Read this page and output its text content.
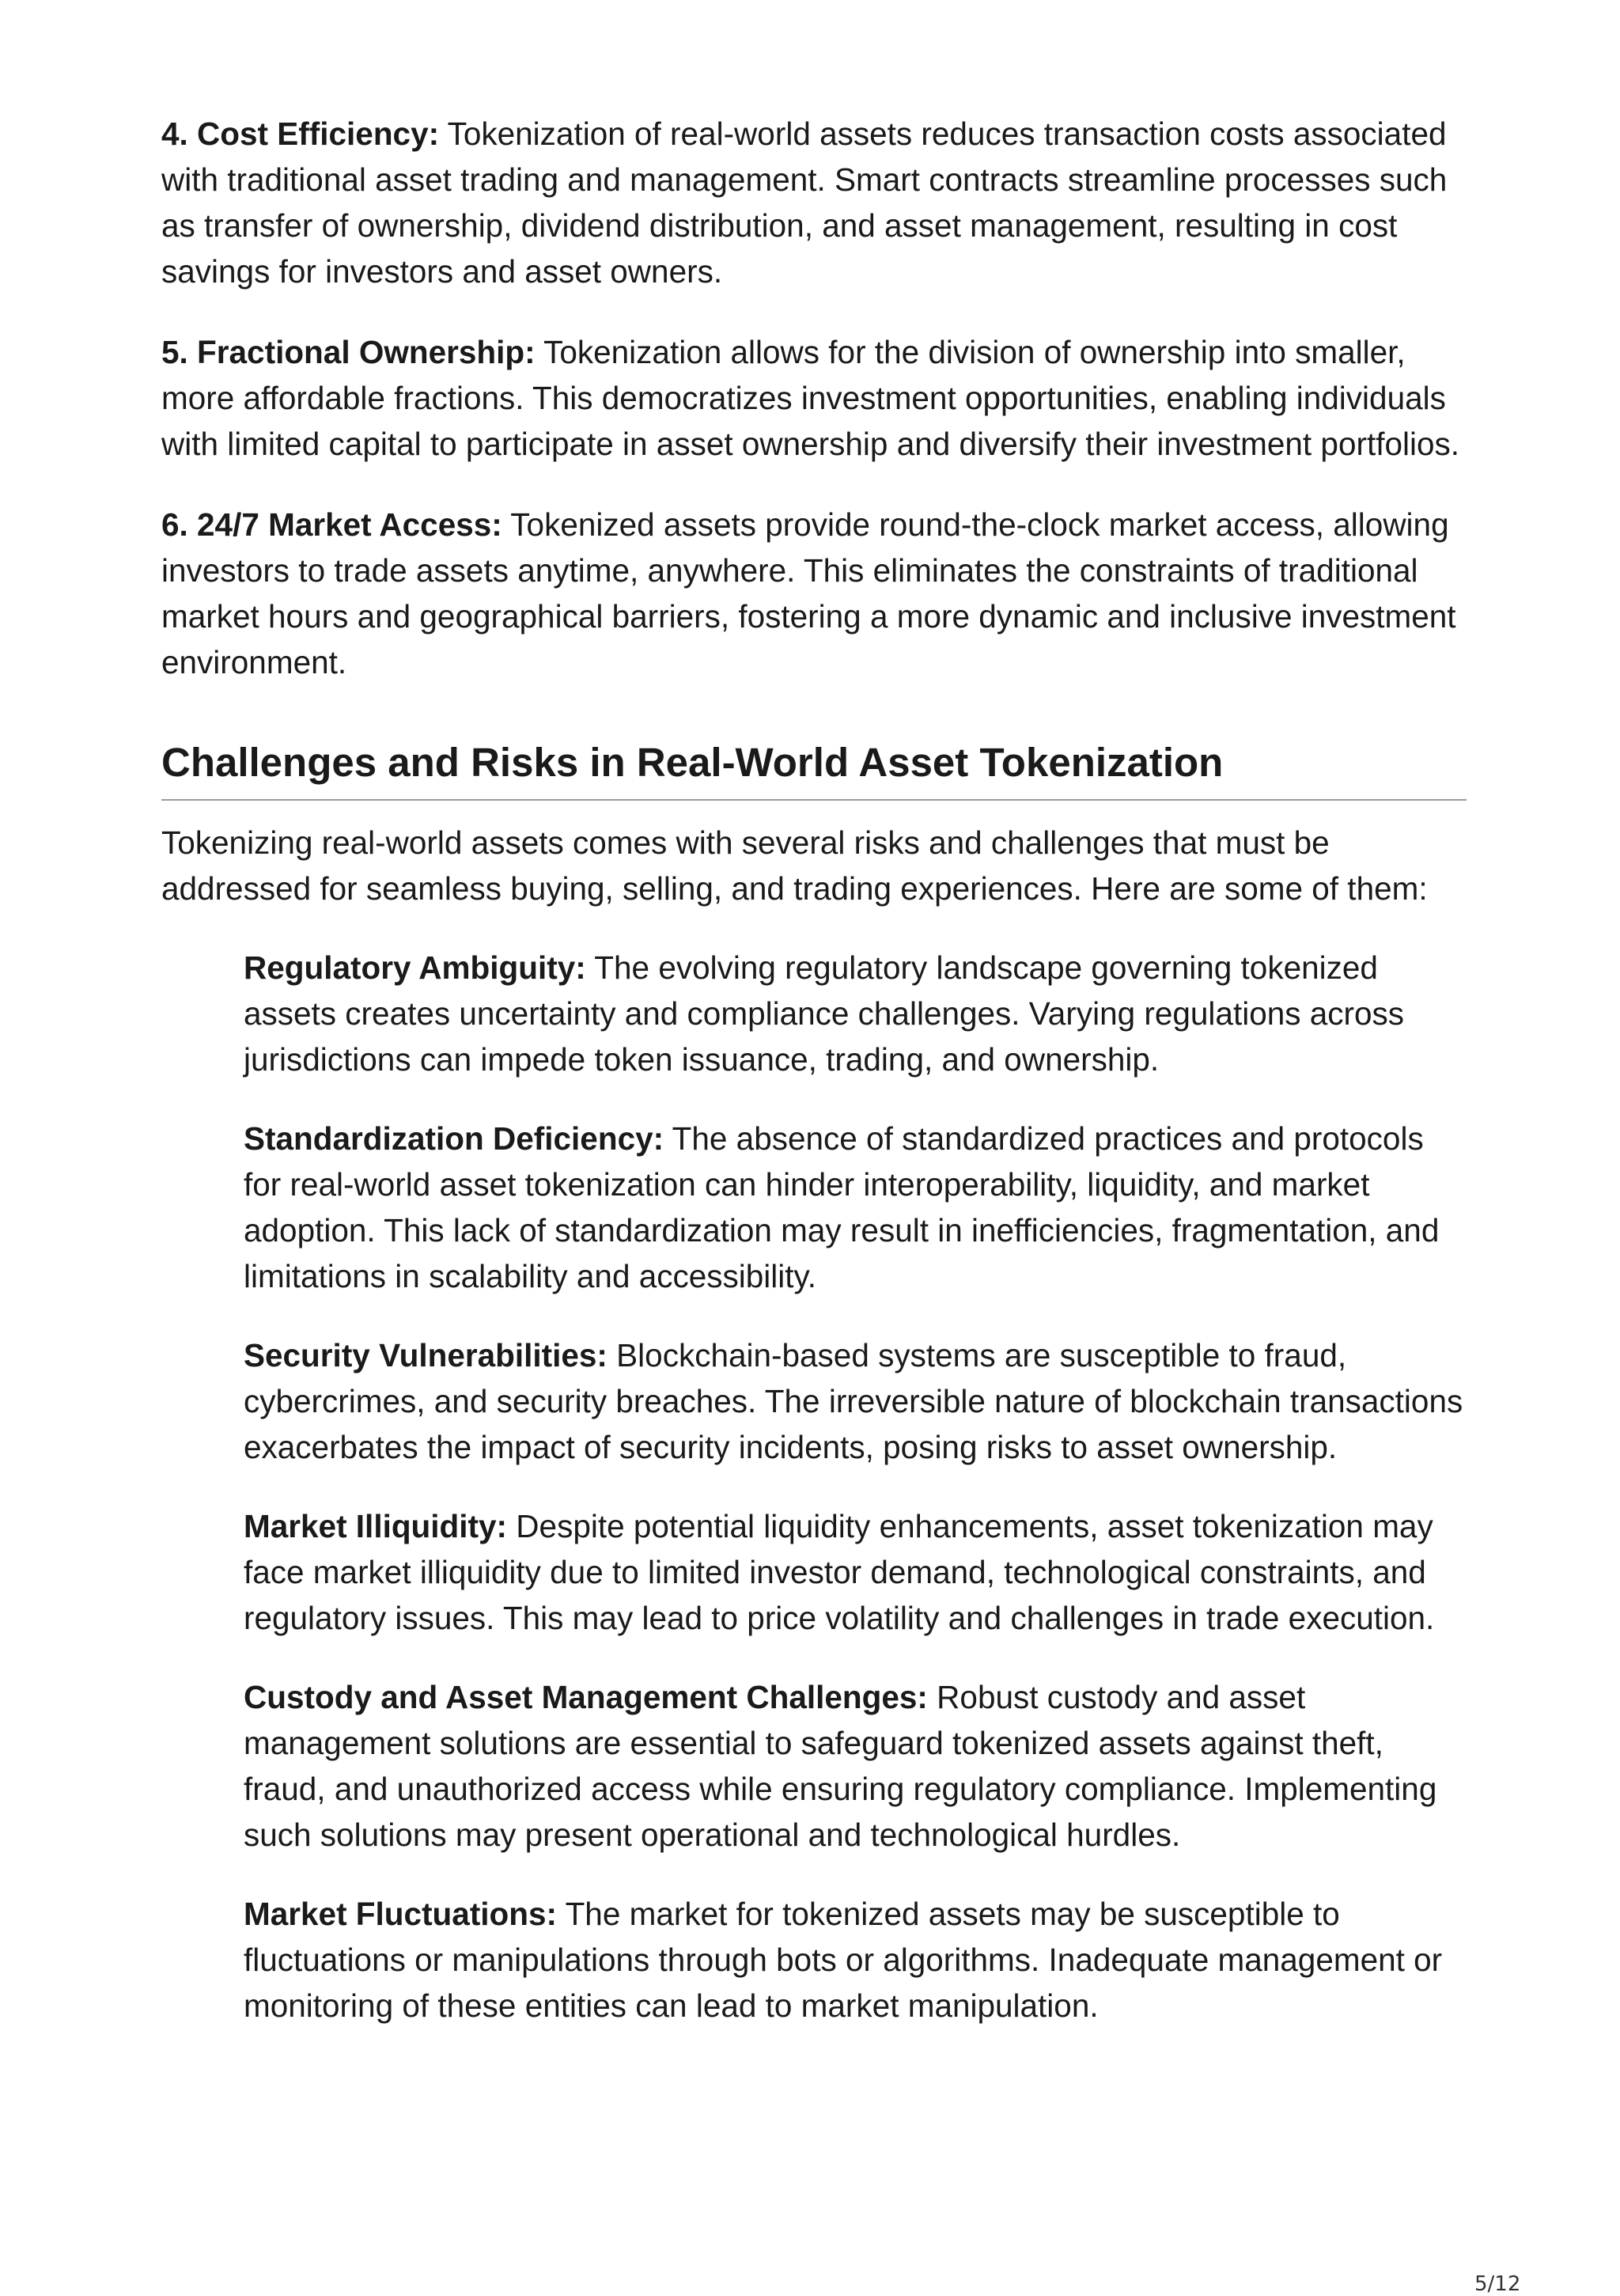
4. Cost Efficiency: Tokenization of real-world assets reduces transaction costs associated with traditional asset trading and management. Smart contracts streamline processes such as transfer of ownership, dividend distribution, and asset management, resulting in cost savings for investors and asset owners.

5. Fractional Ownership: Tokenization allows for the division of ownership into smaller, more affordable fractions. This democratizes investment opportunities, enabling individuals with limited capital to participate in asset ownership and diversify their investment portfolios.

6. 24/7 Market Access: Tokenized assets provide round-the-clock market access, allowing investors to trade assets anytime, anywhere. This eliminates the constraints of traditional market hours and geographical barriers, fostering a more dynamic and inclusive investment environment.

Challenges and Risks in Real-World Asset Tokenization

Tokenizing real-world assets comes with several risks and challenges that must be addressed for seamless buying, selling, and trading experiences. Here are some of them:

Regulatory Ambiguity: The evolving regulatory landscape governing tokenized assets creates uncertainty and compliance challenges. Varying regulations across jurisdictions can impede token issuance, trading, and ownership.
Standardization Deficiency: The absence of standardized practices and protocols for real-world asset tokenization can hinder interoperability, liquidity, and market adoption. This lack of standardization may result in inefficiencies, fragmentation, and limitations in scalability and accessibility.
Security Vulnerabilities: Blockchain-based systems are susceptible to fraud, cybercrimes, and security breaches. The irreversible nature of blockchain transactions exacerbates the impact of security incidents, posing risks to asset ownership.
Market Illiquidity: Despite potential liquidity enhancements, asset tokenization may face market illiquidity due to limited investor demand, technological constraints, and regulatory issues. This may lead to price volatility and challenges in trade execution.
Custody and Asset Management Challenges: Robust custody and asset management solutions are essential to safeguard tokenized assets against theft, fraud, and unauthorized access while ensuring regulatory compliance. Implementing such solutions may present operational and technological hurdles.
Market Fluctuations: The market for tokenized assets may be susceptible to fluctuations or manipulations through bots or algorithms. Inadequate management or monitoring of these entities can lead to market manipulation.
5/12
